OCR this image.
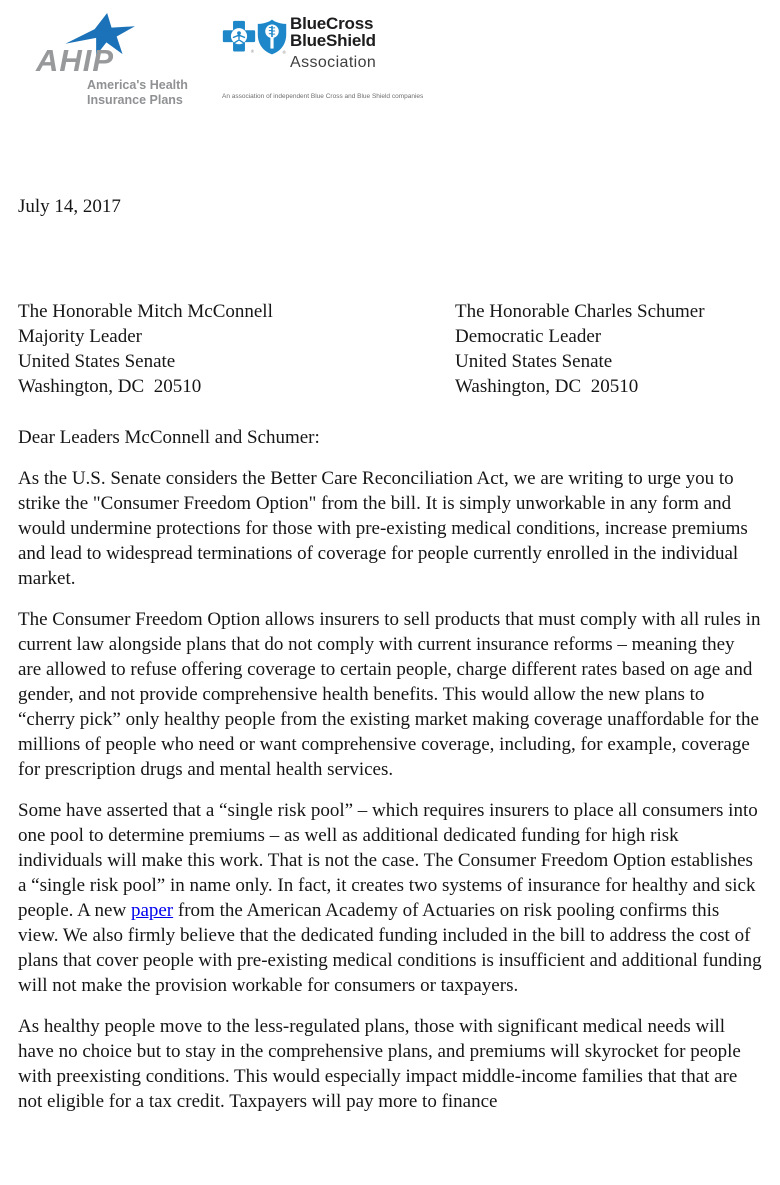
AHIP
America's Health
Insurance Plans
®	®
BlueCross
BlueShield
Association
An association of independent Blue Cross and Blue Shield companies
July 14, 2017
The Honorable Mitch McConnell
Majority Leader
United States Senate
Washington, DC  20510
The Honorable Charles Schumer
Democratic Leader
United States Senate
Washington, DC  20510
Dear Leaders McConnell and Schumer:

As the U.S. Senate considers the Better Care Reconciliation Act, we are writing to urge you to strike the "Consumer Freedom Option" from the bill. It is simply unworkable in any form and would undermine protections for those with pre-existing medical conditions, increase premiums and lead to widespread terminations of coverage for people currently enrolled in the individual market.

The Consumer Freedom Option allows insurers to sell products that must comply with all rules in current law alongside plans that do not comply with current insurance reforms – meaning they are allowed to refuse offering coverage to certain people, charge different rates based on age and gender, and not provide comprehensive health benefits. This would allow the new plans to “cherry pick” only healthy people from the existing market making coverage unaffordable for the millions of people who need or want comprehensive coverage, including, for example, coverage for prescription drugs and mental health services.

Some have asserted that a “single risk pool” – which requires insurers to place all consumers into one pool to determine premiums – as well as additional dedicated funding for high risk individuals will make this work. That is not the case. The Consumer Freedom Option establishes a “single risk pool” in name only. In fact, it creates two systems of insurance for healthy and sick people. A new paper from the American Academy of Actuaries on risk pooling confirms this view. We also firmly believe that the dedicated funding included in the bill to address the cost of plans that cover people with pre-existing medical conditions is insufficient and additional funding will not make the provision workable for consumers or taxpayers.

As healthy people move to the less-regulated plans, those with significant medical needs will have no choice but to stay in the comprehensive plans, and premiums will skyrocket for people with preexisting conditions. This would especially impact middle-income families that that are not eligible for a tax credit. Taxpayers will pay more to finance
